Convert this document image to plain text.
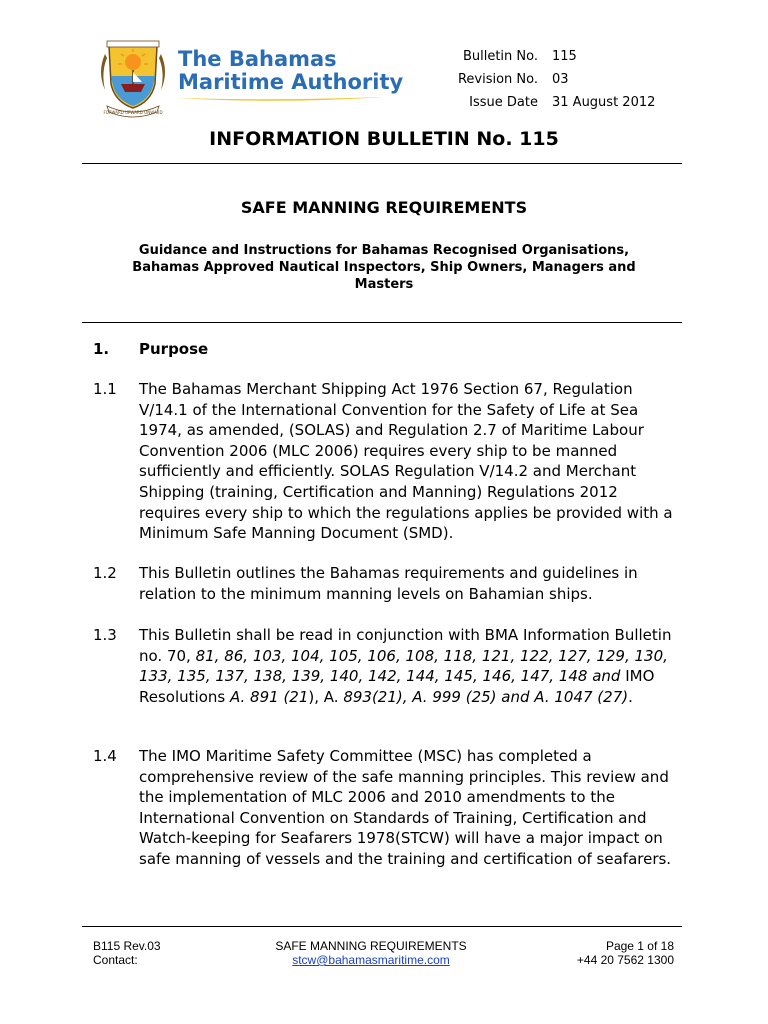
FORWARD UPWARD ONWARD
The Bahamas
Maritime Authority
Bulletin No. 115
Revision No. 03
Issue Date 31 August 2012
INFORMATION BULLETIN No. 115
SAFE MANNING REQUIREMENTS
Guidance and Instructions for Bahamas Recognised Organisations,
Bahamas Approved Nautical Inspectors, Ship Owners, Managers and
Masters
1. Purpose
1.1 The Bahamas Merchant Shipping Act 1976 Section 67, Regulation V/14.1 of the International Convention for the Safety of Life at Sea 1974, as amended, (SOLAS) and Regulation 2.7 of Maritime Labour Convention 2006 (MLC 2006) requires every ship to be manned sufficiently and efficiently. SOLAS Regulation V/14.2 and Merchant Shipping (training, Certification and Manning) Regulations 2012 requires every ship to which the regulations applies be provided with a Minimum Safe Manning Document (SMD).
1.2 This Bulletin outlines the Bahamas requirements and guidelines in relation to the minimum manning levels on Bahamian ships.
1.3 This Bulletin shall be read in conjunction with BMA Information Bulletin no. 70, 81, 86, 103, 104, 105, 106, 108, 118, 121, 122, 127, 129, 130, 133, 135, 137, 138, 139, 140, 142, 144, 145, 146, 147, 148 and IMO Resolutions A. 891 (21), A. 893(21), A. 999 (25) and A. 1047 (27).
1.4 The IMO Maritime Safety Committee (MSC) has completed a comprehensive review of the safe manning principles. This review and the implementation of MLC 2006 and 2010 amendments to the International Convention on Standards of Training, Certification and Watch-keeping for Seafarers 1978(STCW) will have a major impact on safe manning of vessels and the training and certification of seafarers.
B115 Rev.03
Contact:
SAFE MANNING REQUIREMENTS
stcw@bahamasmaritime.com
Page 1 of 18
+44 20 7562 1300
